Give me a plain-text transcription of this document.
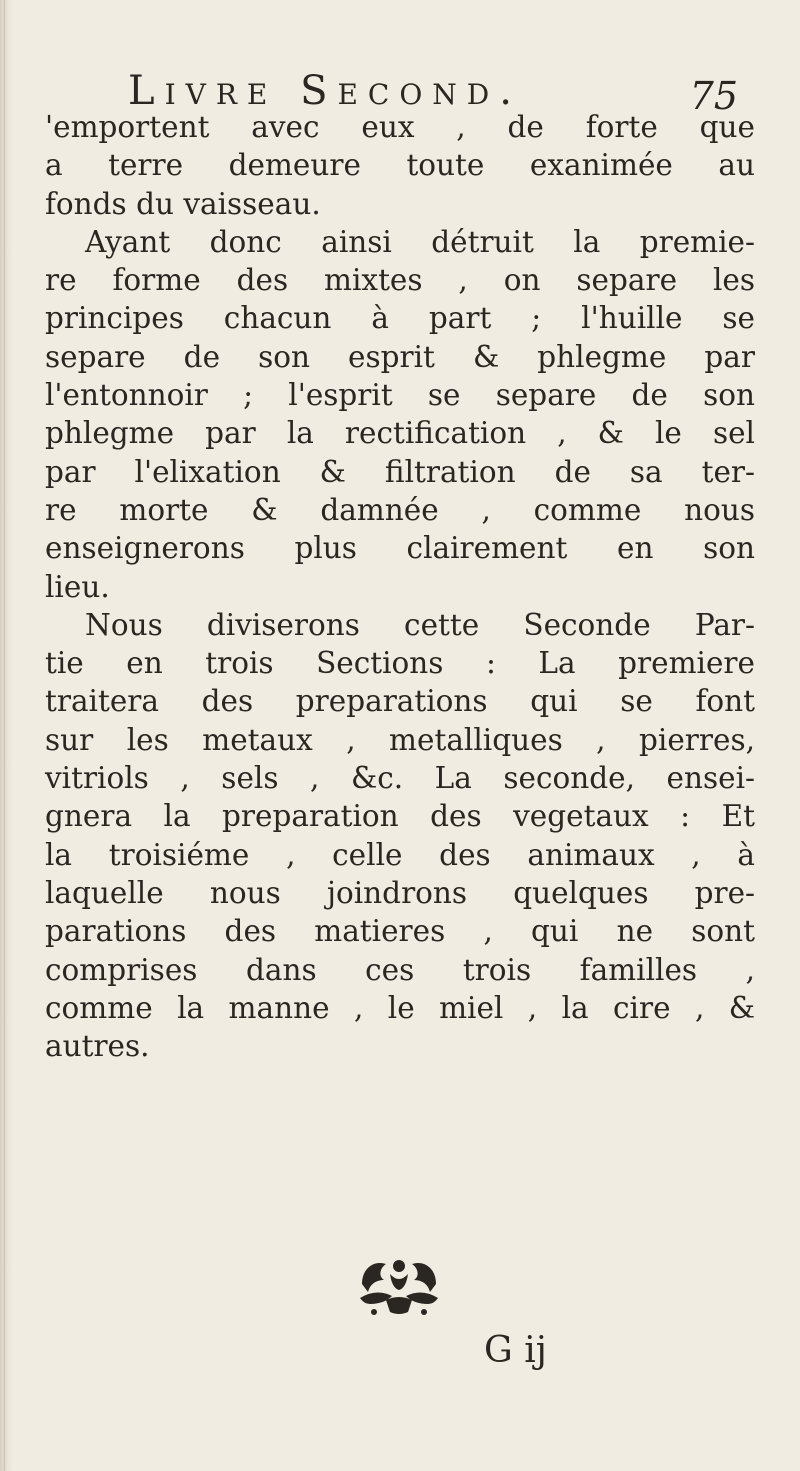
Livre Second.	75
'emportent avec eux , de forte que
a terre demeure toute exanimée au
fonds du vaisseau.
Ayant donc ainsi détruit la premie-
re forme des mixtes , on separe les
principes chacun à part ; l'huille se
separe de son esprit & phlegme par
l'entonnoir ; l'esprit se separe de son
phlegme par la rectification , & le sel
par l'elixation & filtration de sa ter-
re morte & damnée , comme nous
enseignerons plus clairement en son
lieu.
Nous diviserons cette Seconde Par-
tie en trois Sections : La premiere
traitera des preparations qui se font
sur les metaux , metalliques , pierres,
vitriols , sels , &c. La seconde, ensei-
gnera la preparation des vegetaux : Et
la troisiéme , celle des animaux , à
laquelle nous joindrons quelques pre-
parations des matieres , qui ne sont
comprises dans ces trois familles ,
comme la manne , le miel , la cire , &
autres.
G ij
